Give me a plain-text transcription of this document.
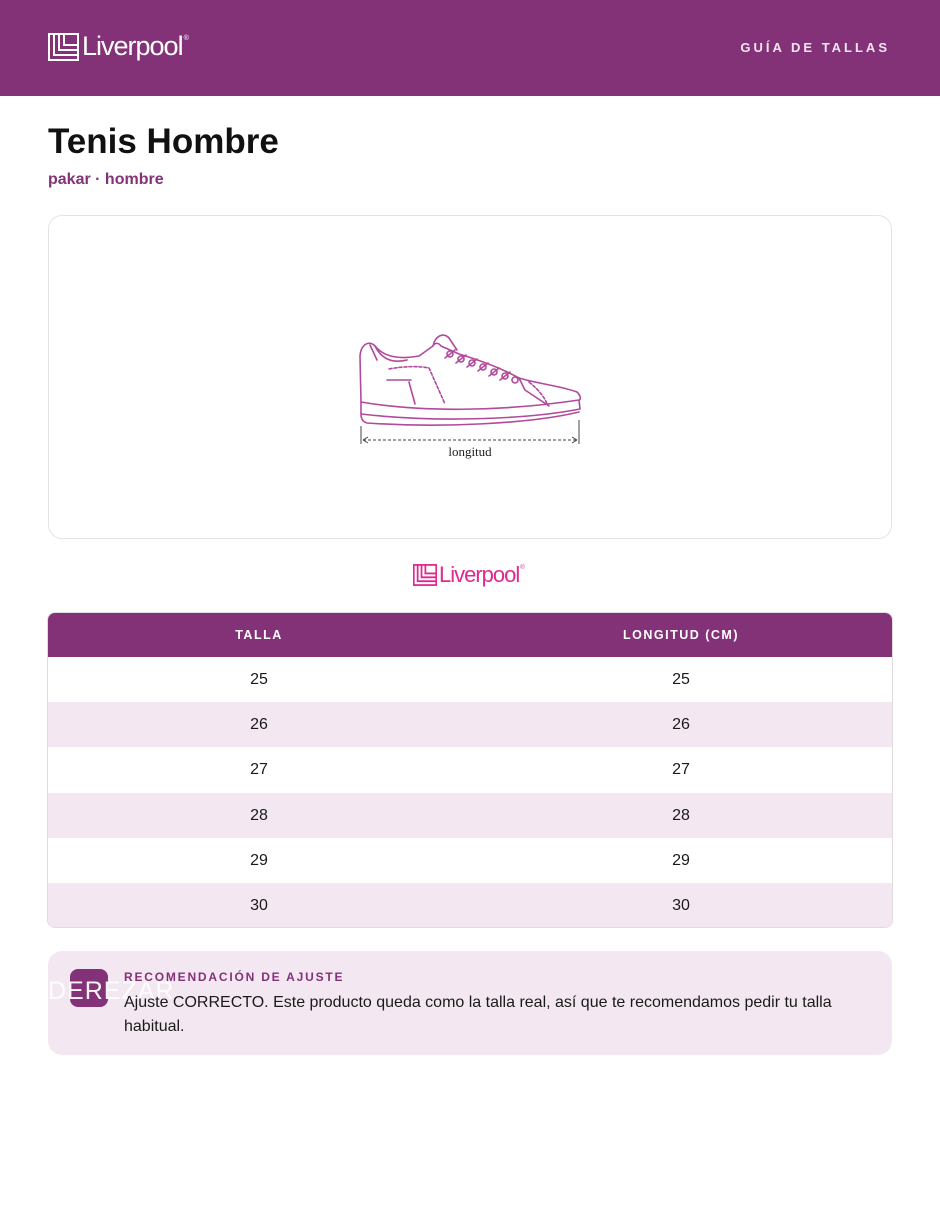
Liverpool ®
GUÍA DE TALLAS
Tenis Hombre
pakar · hombre
longitud
Liverpool ®
TALLA	LONGITUD (CM)
25	25
26	26
27	27
28	28
29	29
30	30
DEREZAR
RECOMENDACIÓN DE AJUSTE
Ajuste CORRECTO. Este producto queda como la talla real, así que te recomendamos pedir tu talla habitual.
